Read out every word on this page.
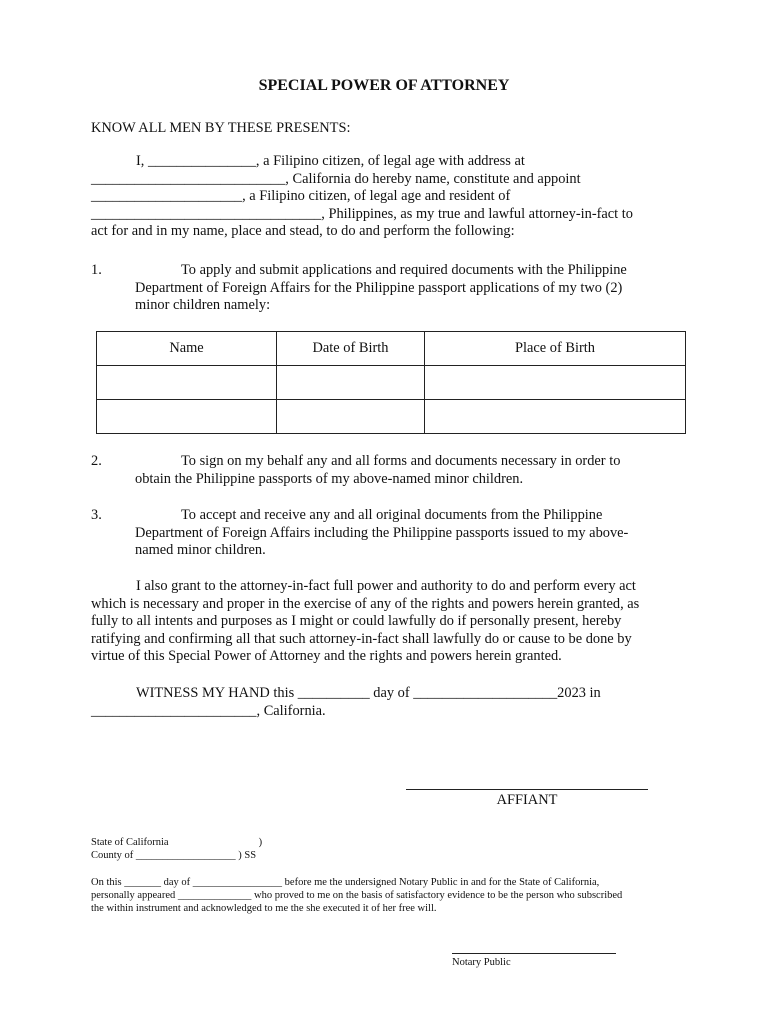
SPECIAL POWER OF ATTORNEY
KNOW ALL MEN BY THESE PRESENTS:
I, _______________, a Filipino citizen, of legal age with address at
___________________________, California do hereby name, constitute and appoint
_____________________, a Filipino citizen, of legal age and resident of
________________________________, Philippines, as my true and lawful attorney-in-fact to
act for and in my name, place and stead, to do and perform the following:
1.	To apply and submit applications and required documents with the Philippine
Department of Foreign Affairs for the Philippine passport applications of my two (2)
minor children namely:
Name	Date of Birth	Place of Birth

2.	To sign on my behalf any and all forms and documents necessary in order to
obtain the Philippine passports of my above-named minor children.
3.	To accept and receive any and all original documents from the Philippine
Department of Foreign Affairs including the Philippine passports issued to my above-
named minor children.
I also grant to the attorney-in-fact full power and authority to do and perform every act
which is necessary and proper in the exercise of any of the rights and powers herein granted, as
fully to all intents and purposes as I might or could lawfully do if personally present, hereby
ratifying and confirming all that such attorney-in-fact shall lawfully do or cause to be done by
virtue of this Special Power of Attorney and the rights and powers herein granted.
WITNESS MY HAND this __________ day of ____________________2023 in
_______________________, California.
AFFIANT
State of California	)
County of ___________________ ) SS
On this _______ day of _________________ before me the undersigned Notary Public in and for the State of California,
personally appeared ______________ who proved to me on the basis of satisfactory evidence to be the person who subscribed
the within instrument and acknowledged to me the she executed it of her free will.
Notary Public
